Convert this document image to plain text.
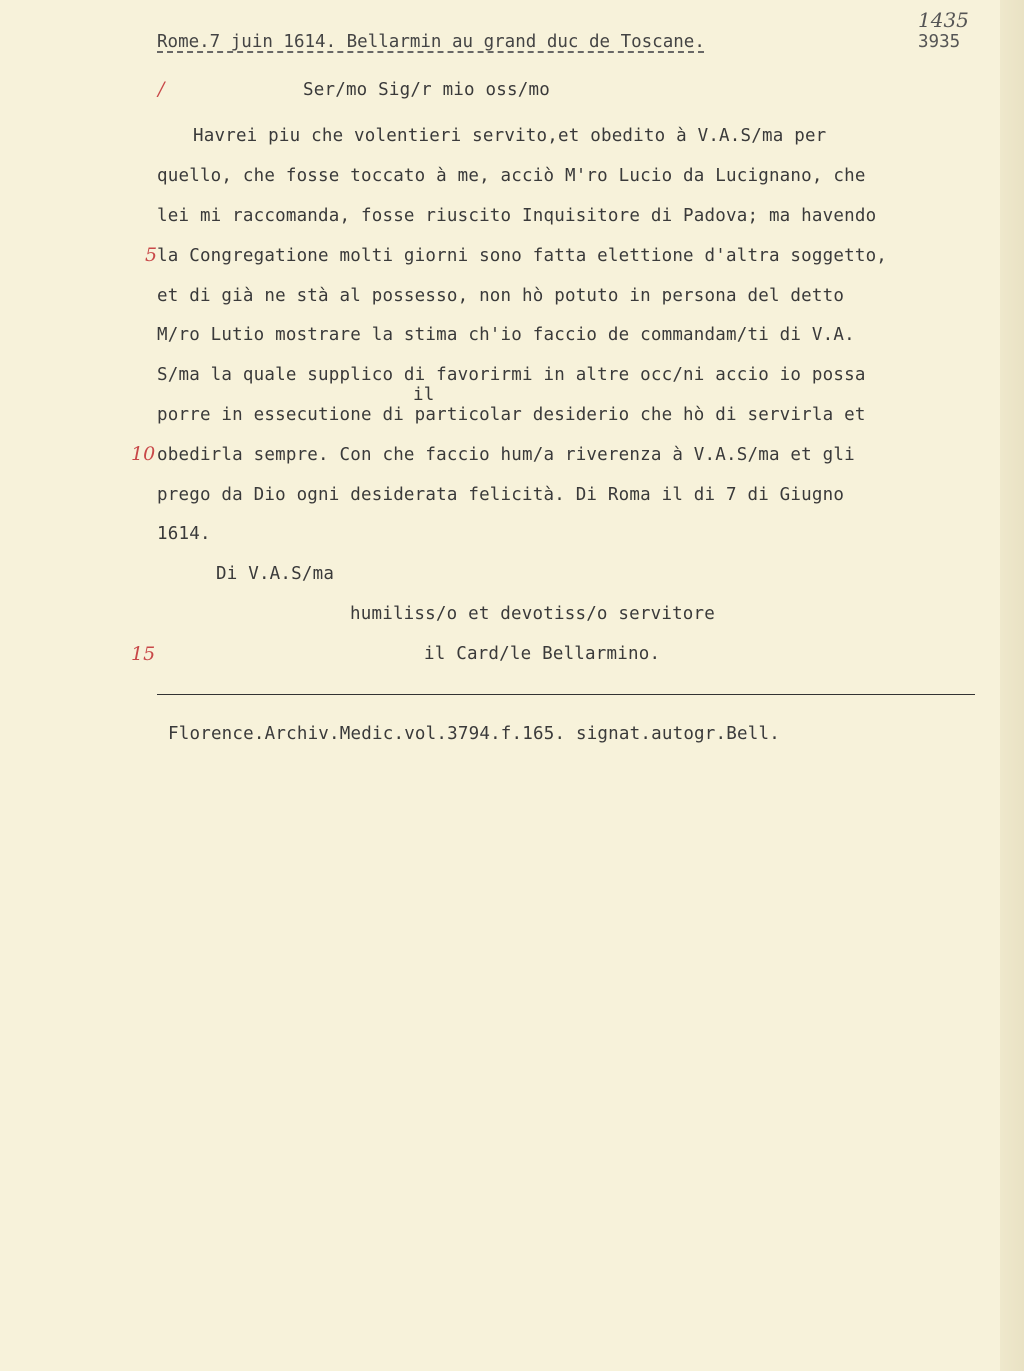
Rome.7 juin 1614. Bellarmin au grand duc de Toscane.
1435
3935
/	Ser/mo Sig/r mio oss/mo
Havrei piu che volentieri servito,et obedito à V.A.S/ma per
quello, che fosse toccato à me, acciò M'ro Lucio da Lucignano, che
lei mi raccomanda, fosse riuscito Inquisitore di Padova; ma havendo
5 la Congregatione molti giorni sono fatta elettione d'altra soggetto,
et di già ne stà al possesso, non hò potuto in persona del detto
M/ro Lutio mostrare la stima ch'io faccio de commandam/ti di V.A.
S/ma la quale supplico di favorirmi in altre occ/ni accio io possa
il
porre in essecutione di particolar desiderio che hò di servirla et
10 obedirla sempre. Con che faccio hum/a riverenza à V.A.S/ma et gli
prego da Dio ogni desiderata felicità. Di Roma il di 7 di Giugno
1614.
Di V.A.S/ma
humiliss/o et devotiss/o servitore
15	il Card/le Bellarmino.
Florence.Archiv.Medic.vol.3794.f.165. signat.autogr.Bell.
